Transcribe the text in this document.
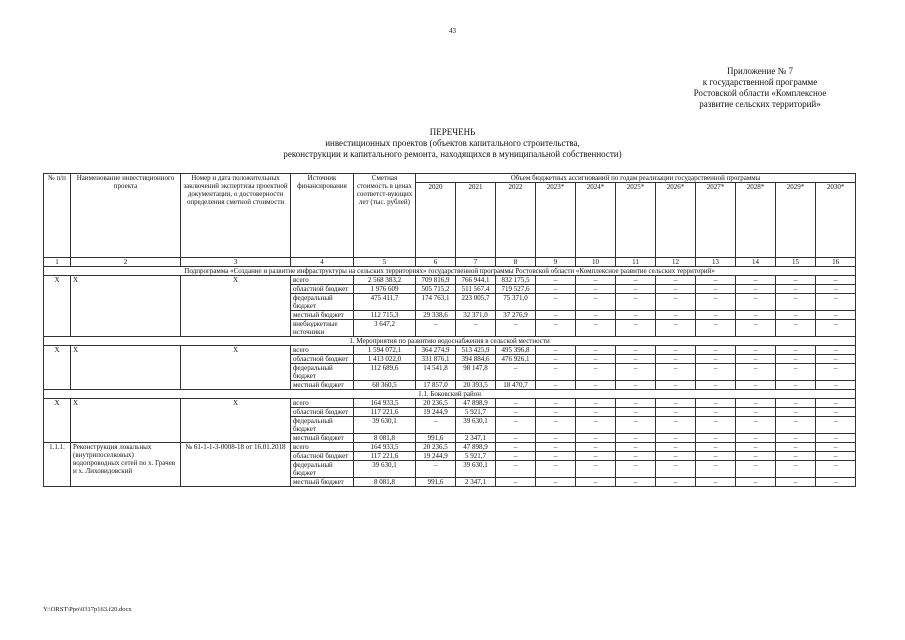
43
Приложение № 7
к государственной программе
Ростовской области «Комплексное
развитие сельских территорий»
ПЕРЕЧЕНЬ
инвестиционных проектов (объектов капитального строительства,
реконструкции и капитального ремонта, находящихся в муниципальной собственности)
№ п/п	Наименование инвестиционного проекта	Номер и дата положительных заключений экспертизы проектной документации, о достоверности определения сметной стоимости	Источник финансирования	Сметная стоимость в ценах соответст-вующих лет (тыс. рублей)	Объем бюджетных ассигнований по годам реализации государственной программы										
					2020	2021	2022	2023*	2024*	2025*	2026*	2027*	2028*	2029*	2030*
1	2	3	4	5	6	7	8	9	10	11	12	13	14	15	16
Подпрограмма «Создание и развитие инфраструктуры на сельских территориях» государственной программы Ростовской области «Комплексное развитие сельских территорий»															
Х	Х	Х	всего	2 568 383,2	709 816,9	766 944,1	832 175,5	–	–	–	–	–	–	–	–
			областной бюджет	1 976 609	505 715,2	511 567,4	719 527,6	–	–	–	–	–	–	–	–
			федеральный бюджет	475 411,7	174 763,1	223 005,7	75 371,0	–	–	–	–	–	–	–	–
			местный бюджет	112 715,3	29 338,6	32 371,0	37 276,9	–	–	–	–	–	–	–	–
			внебюджетные источники	3 647,2	–	–	–	–	–	–	–	–	–	–	–
1. Мероприятия по развитию водоснабжения в сельской местности															
Х	Х	Х	всего	1 594 072,1	364 274,9	513 425,9	495 396,8	–	–	–	–	–	–	–	–
			областной бюджет	1 413 022,0	331 876,1	394 884,6	476 926,1	–	–	–	–	–	–	–	–
			федеральный бюджет	112 689,6	14 541,8	98 147,8	–	–	–	–	–	–	–	–	–
			местный бюджет	68 360,5	17 857,0	20 393,5	18 470,7	–	–	–	–	–	–	–	–
1.1. Боковский район															
Х	Х	Х	всего	164 933,5	20 236,5	47 898,9	–	–	–	–	–	–	–	–	–
			областной бюджет	117 221,6	19 244,9	5 921,7	–	–	–	–	–	–	–	–	–
			федеральный бюджет	39 630,1	–	39 630,1	–	–	–	–	–	–	–	–	–
			местный бюджет	8 081,8	991,6	2 347,1	–	–	–	–	–	–	–	–	–
1.1.1.	Реконструкция локальных (внутрипоселковых) водопроводных сетей по х. Грачев и х. Лиховидовский	№ 61-1-1-3-0008-18 от 16.01.2018	всего	164 933,5	20 236,5	47 898,9	–	–	–	–	–	–	–	–	–
			областной бюджет	117 221,6	19 244,9	5 921,7	–	–	–	–	–	–	–	–	–
			федеральный бюджет	39 630,1	–	39 630,1	–	–	–	–	–	–	–	–	–
			местный бюджет	8 081,8	991,6	2 347,1	–	–	–	–	–	–	–	–	–
Y:\ORST\Ppo\0317p163.f20.docx
